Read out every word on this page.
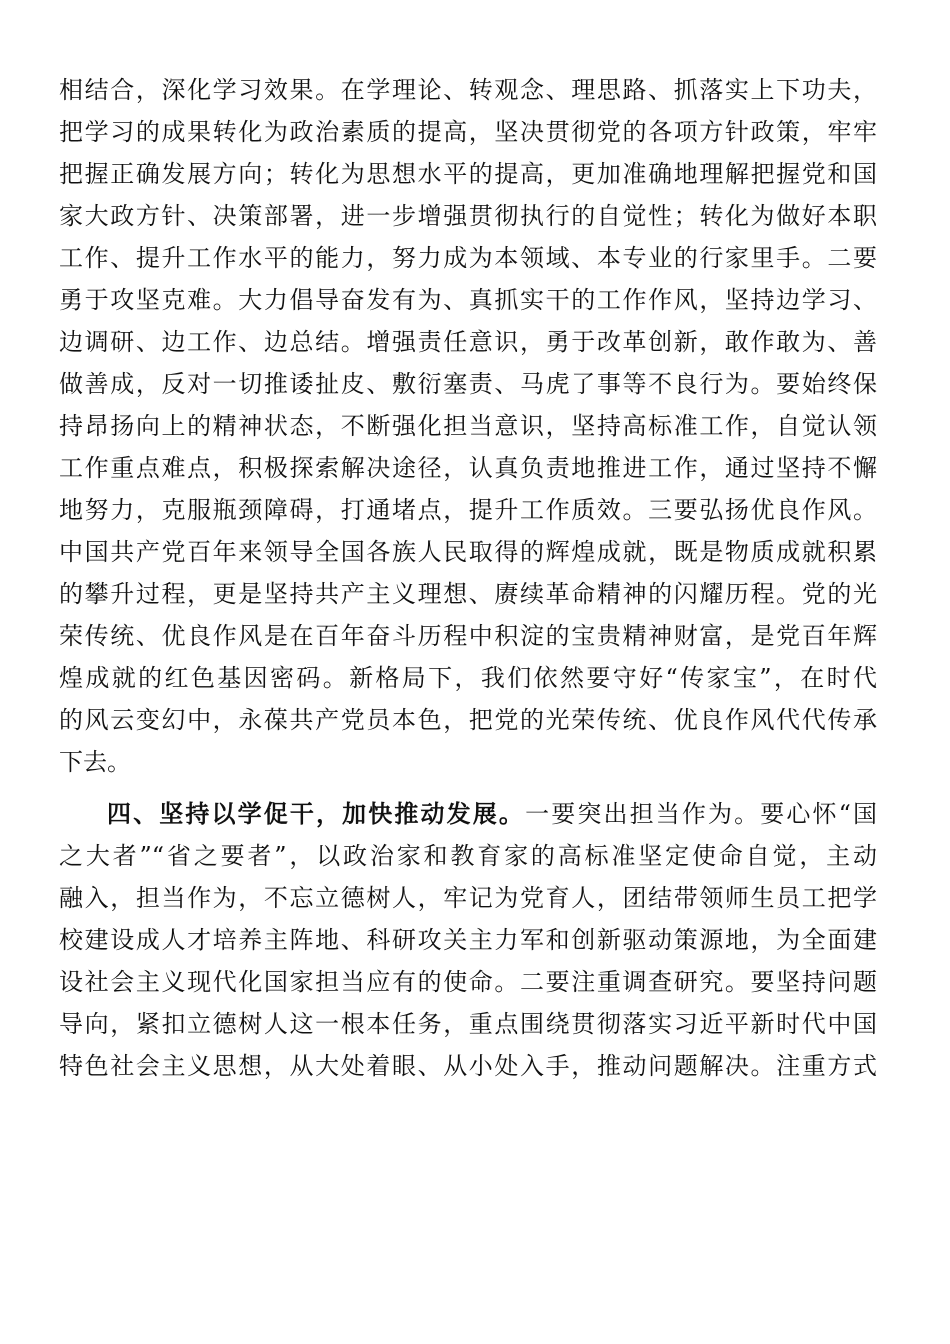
相结合，深化学习效果。在学理论、转观念、理思路、抓落实上下功夫，
把学习的成果转化为政治素质的提高，坚决贯彻党的各项方针政策，牢牢
把握正确发展方向；转化为思想水平的提高，更加准确地理解把握党和国
家大政方针、决策部署，进一步增强贯彻执行的自觉性；转化为做好本职
工作、提升工作水平的能力，努力成为本领域、本专业的行家里手。二要
勇于攻坚克难。大力倡导奋发有为、真抓实干的工作作风，坚持边学习、
边调研、边工作、边总结。增强责任意识，勇于改革创新，敢作敢为、善
做善成，反对一切推诿扯皮、敷衍塞责、马虎了事等不良行为。要始终保
持昂扬向上的精神状态，不断强化担当意识，坚持高标准工作，自觉认领
工作重点难点，积极探索解决途径，认真负责地推进工作，通过坚持不懈
地努力，克服瓶颈障碍，打通堵点，提升工作质效。三要弘扬优良作风。
中国共产党百年来领导全国各族人民取得的辉煌成就，既是物质成就积累
的攀升过程，更是坚持共产主义理想、赓续革命精神的闪耀历程。党的光
荣传统、优良作风是在百年奋斗历程中积淀的宝贵精神财富，是党百年辉
煌成就的红色基因密码。新格局下，我们依然要守好“传家宝”，在时代
的风云变幻中，永葆共产党员本色，把党的光荣传统、优良作风代代传承
下去。
四、坚持以学促干，加快推动发展。一要突出担当作为。要心怀“国
之大者”“省之要者”，以政治家和教育家的高标准坚定使命自觉，主动
融入，担当作为，不忘立德树人，牢记为党育人，团结带领师生员工把学
校建设成人才培养主阵地、科研攻关主力军和创新驱动策源地，为全面建
设社会主义现代化国家担当应有的使命。二要注重调查研究。要坚持问题
导向，紧扣立德树人这一根本任务，重点围绕贯彻落实习近平新时代中国
特色社会主义思想，从大处着眼、从小处入手，推动问题解决。注重方式
